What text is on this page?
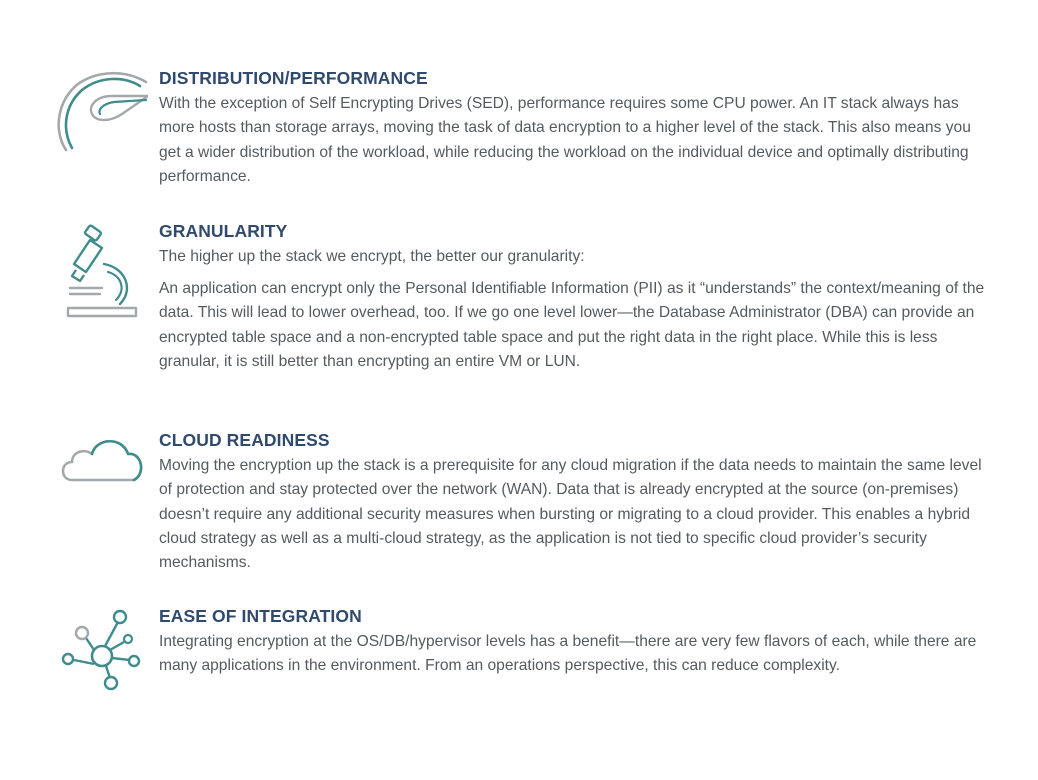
DISTRIBUTION/PERFORMANCE

With the exception of Self Encrypting Drives (SED), performance requires some CPU power. An IT stack always has more hosts than storage arrays, moving the task of data encryption to a higher level of the stack. This also means you get a wider distribution of the workload, while reducing the workload on the individual device and optimally distributing performance.

GRANULARITY

The higher up the stack we encrypt, the better our granularity:

An application can encrypt only the Personal Identifiable Information (PII) as it “understands” the context/meaning of the data. This will lead to lower overhead, too. If we go one level lower—the Database Administrator (DBA) can provide an encrypted table space and a non-encrypted table space and put the right data in the right place. While this is less granular, it is still better than encrypting an entire VM or LUN.

CLOUD READINESS

Moving the encryption up the stack is a prerequisite for any cloud migration if the data needs to maintain the same level of protection and stay protected over the network (WAN). Data that is already encrypted at the source (on-premises) doesn’t require any additional security measures when bursting or migrating to a cloud provider. This enables a hybrid cloud strategy as well as a multi-cloud strategy, as the application is not tied to specific cloud provider’s security mechanisms.

EASE OF INTEGRATION

Integrating encryption at the OS/DB/hypervisor levels has a benefit—there are very few flavors of each, while there are many applications in the environment. From an operations perspective, this can reduce complexity.
